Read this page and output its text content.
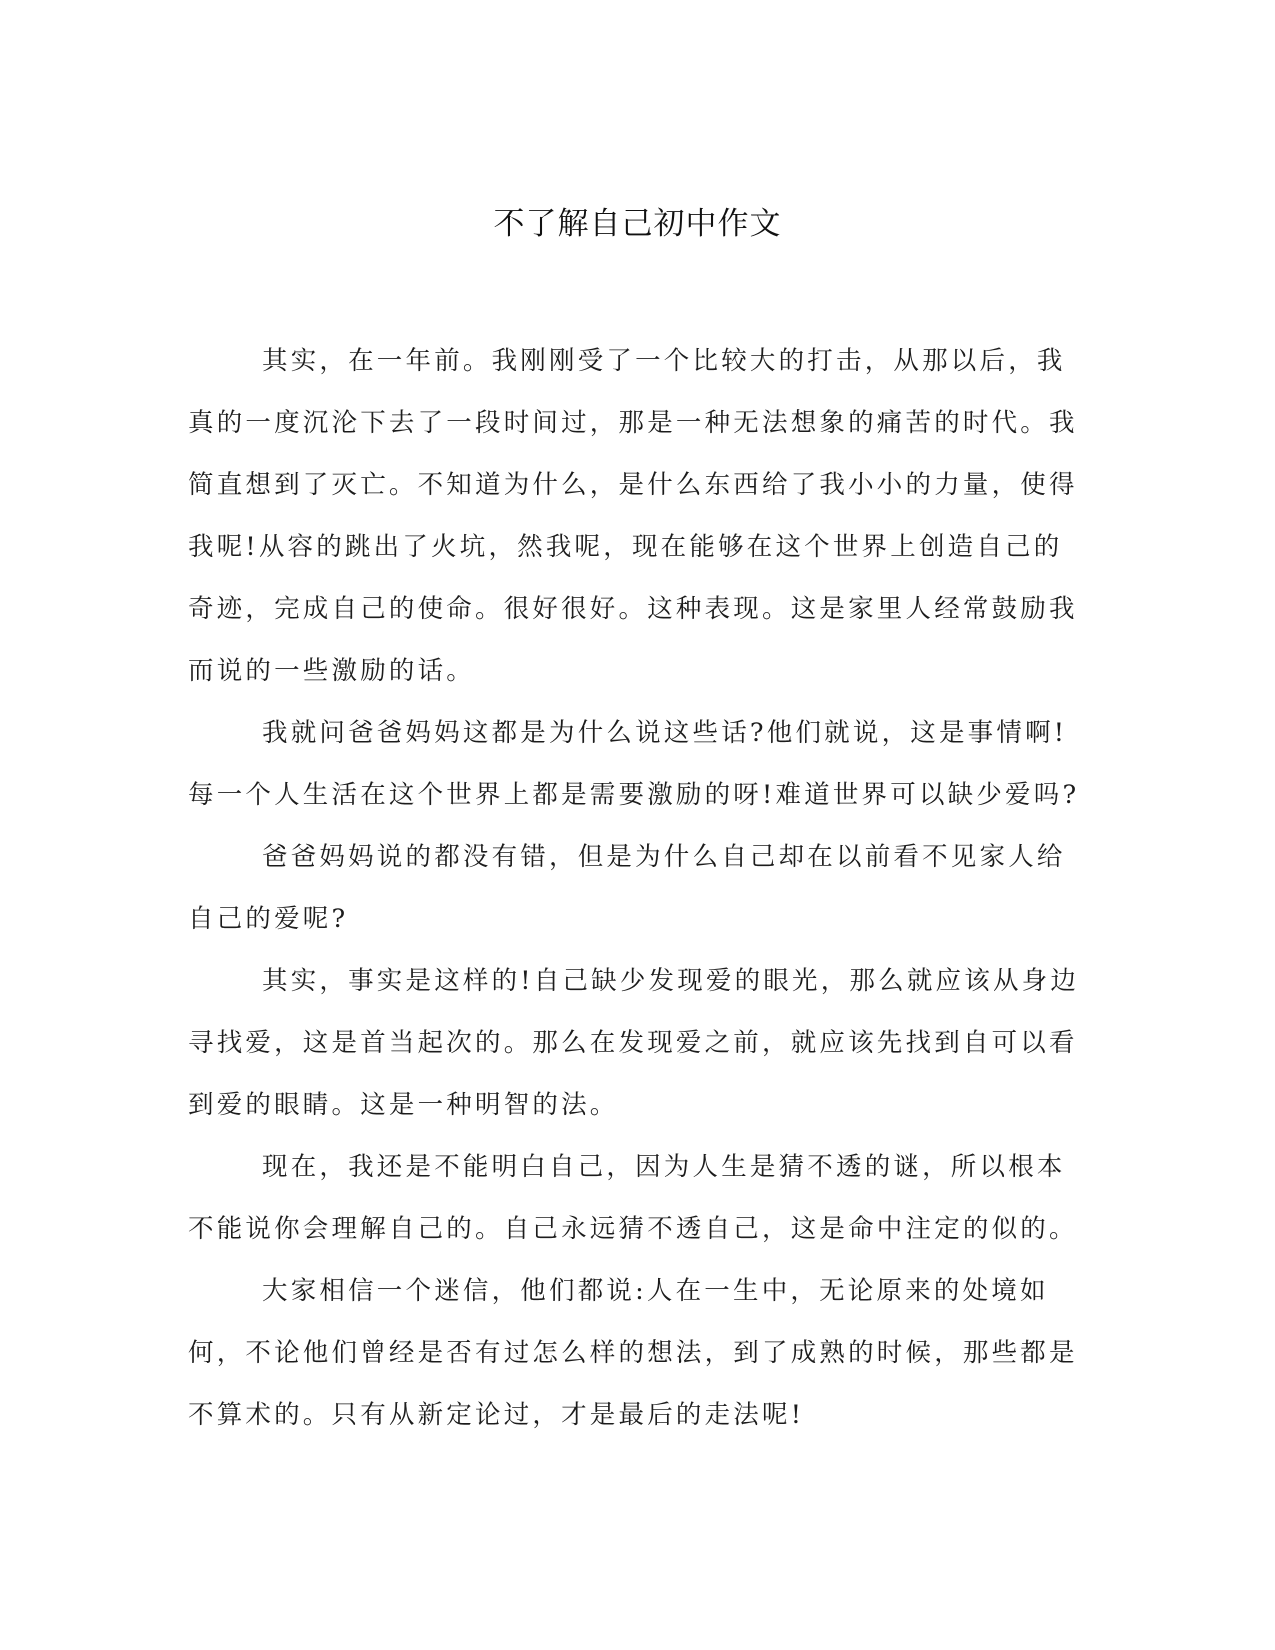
不了解自己初中作文

其实，在一年前。我刚刚受了一个比较大的打击，从那以后，我真的一度沉沦下去了一段时间过，那是一种无法想象的痛苦的时代。我简直想到了灭亡。不知道为什么，是什么东西给了我小小的力量，使得我呢!从容的跳出了火坑，然我呢，现在能够在这个世界上创造自己的奇迹，完成自己的使命。很好很好。这种表现。这是家里人经常鼓励我而说的一些激励的话。

我就问爸爸妈妈这都是为什么说这些话?他们就说，这是事情啊!每一个人生活在这个世界上都是需要激励的呀!难道世界可以缺少爱吗?

爸爸妈妈说的都没有错，但是为什么自己却在以前看不见家人给自己的爱呢?

其实，事实是这样的!自己缺少发现爱的眼光，那么就应该从身边寻找爱，这是首当起次的。那么在发现爱之前，就应该先找到自可以看到爱的眼睛。这是一种明智的法。

现在，我还是不能明白自己，因为人生是猜不透的谜，所以根本不能说你会理解自己的。自己永远猜不透自己，这是命中注定的似的。

大家相信一个迷信，他们都说:人在一生中，无论原来的处境如何，不论他们曾经是否有过怎么样的想法，到了成熟的时候，那些都是不算术的。只有从新定论过，才是最后的走法呢!
